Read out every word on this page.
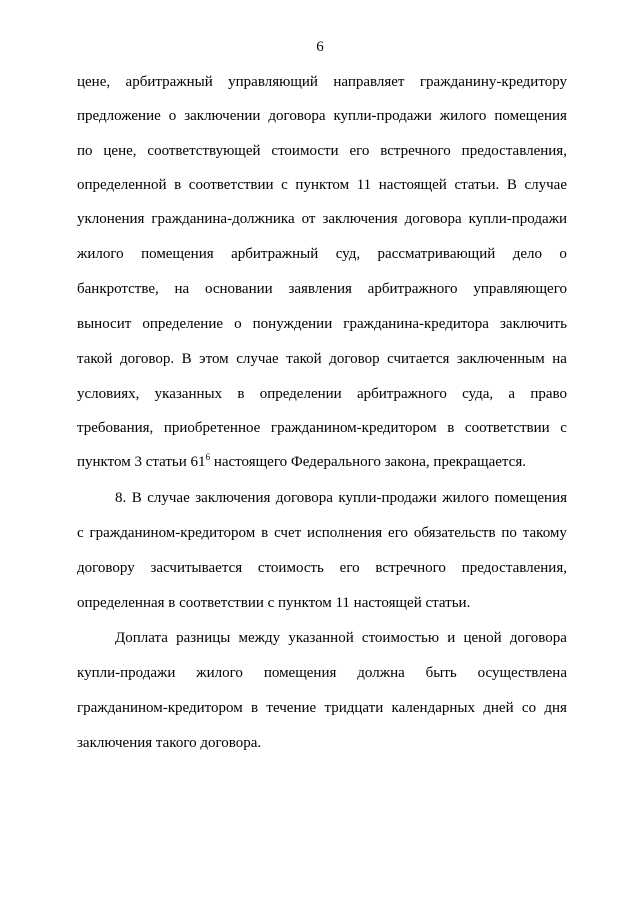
6
цене, арбитражный управляющий направляет гражданину-кредитору
предложение о заключении договора купли-продажи жилого помещения
по цене, соответствующей стоимости его встречного предоставления,
определенной в соответствии с пунктом 11 настоящей статьи. В случае
уклонения гражданина-должника от заключения договора купли-продажи
жилого помещения арбитражный суд, рассматривающий дело о
банкротстве, на основании заявления арбитражного управляющего
выносит определение о понуждении гражданина-кредитора заключить
такой договор. В этом случае такой договор считается заключенным на
условиях, указанных в определении арбитражного суда, а право
требования, приобретенное гражданином-кредитором в соответствии с
пунктом 3 статьи $61^6$ настоящего Федерального закона, прекращается.
8. В случае заключения договора купли-продажи жилого помещения
с гражданином-кредитором в счет исполнения его обязательств по такому
договору засчитывается стоимость его встречного предоставления,
определенная в соответствии с пунктом 11 настоящей статьи.
Доплата разницы между указанной стоимостью и ценой договора
купли-продажи жилого помещения должна быть осуществлена
гражданином-кредитором в течение тридцати календарных дней со дня
заключения такого договора.
